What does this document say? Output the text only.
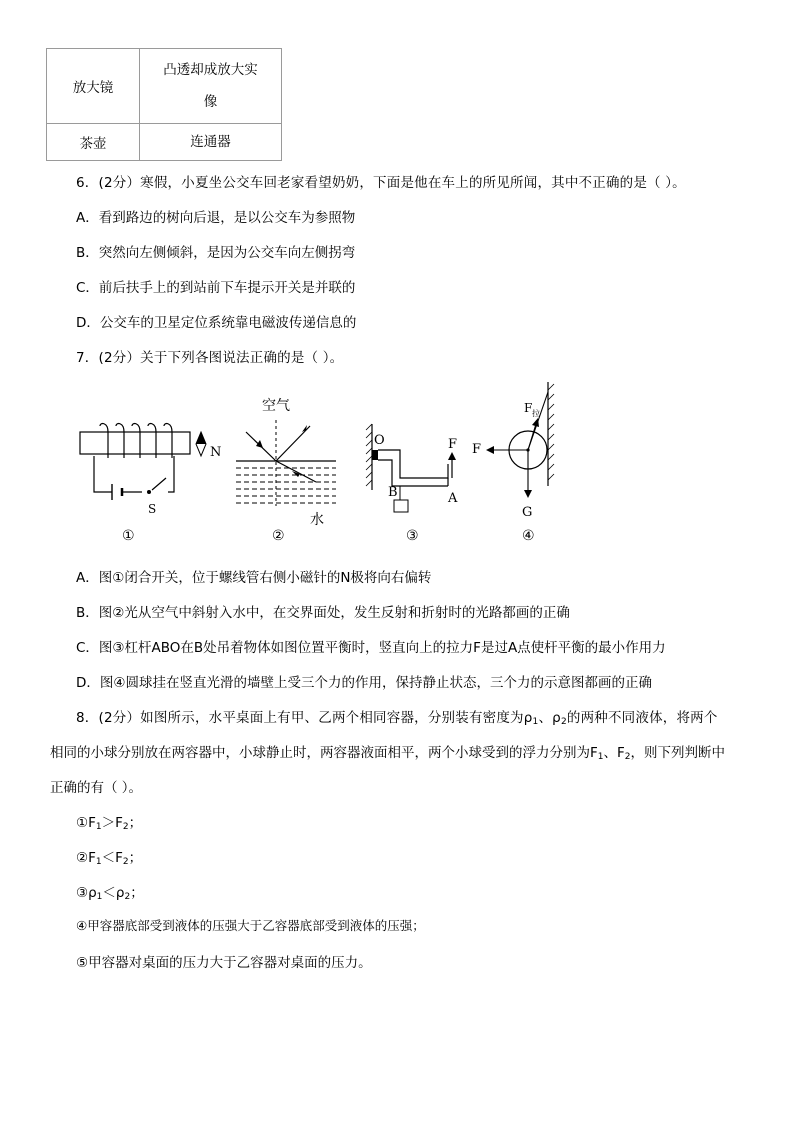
放大镜	凸透却成放大实
像

茶壶	连通器
6．(2分）寒假，小夏坐公交车回老家看望奶奶，下面是他在车上的所见所闻，其中不正确的是（ ）。
A．看到路边的树向后退，是以公交车为参照物
B．突然向左侧倾斜，是因为公交车向左侧拐弯
C．前后扶手上的到站前下车提示开关是并联的
D．公交车的卫星定位系统靠电磁波传递信息的
7．(2分）关于下列各图说法正确的是（ ）。
S
N
①
空气
水
②
O	F
A
B
③
F 拉
F
G
④
A．图①闭合开关，位于螺线管右侧小磁针的N极将向右偏转
B．图②光从空气中斜射入水中，在交界面处，发生反射和折射时的光路都画的正确
C．图③杠杆ABO在B处吊着物体如图位置平衡时，竖直向上的拉力F是过A点使杆平衡的最小作用力
D．图④圆球挂在竖直光滑的墙壁上受三个力的作用，保持静止状态，三个力的示意图都画的正确
8．(2分）如图所示，水平桌面上有甲、乙两个相同容器，分别装有密度为$\rho_1$、$\rho_2$的两种不同液体，将两个
相同的小球分别放在两容器中，小球静止时，两容器液面相平，两个小球受到的浮力分别为$F_1$、$F_2$，则下列判断中
正确的有（ ）。
$①F_1>F_2$；
$②F_1<F_2$；
$③\rho_1<\rho_2$；
④甲容器底部受到液体的压强大于乙容器底部受到液体的压强；
⑤甲容器对桌面的压力大于乙容器对桌面的压力。
